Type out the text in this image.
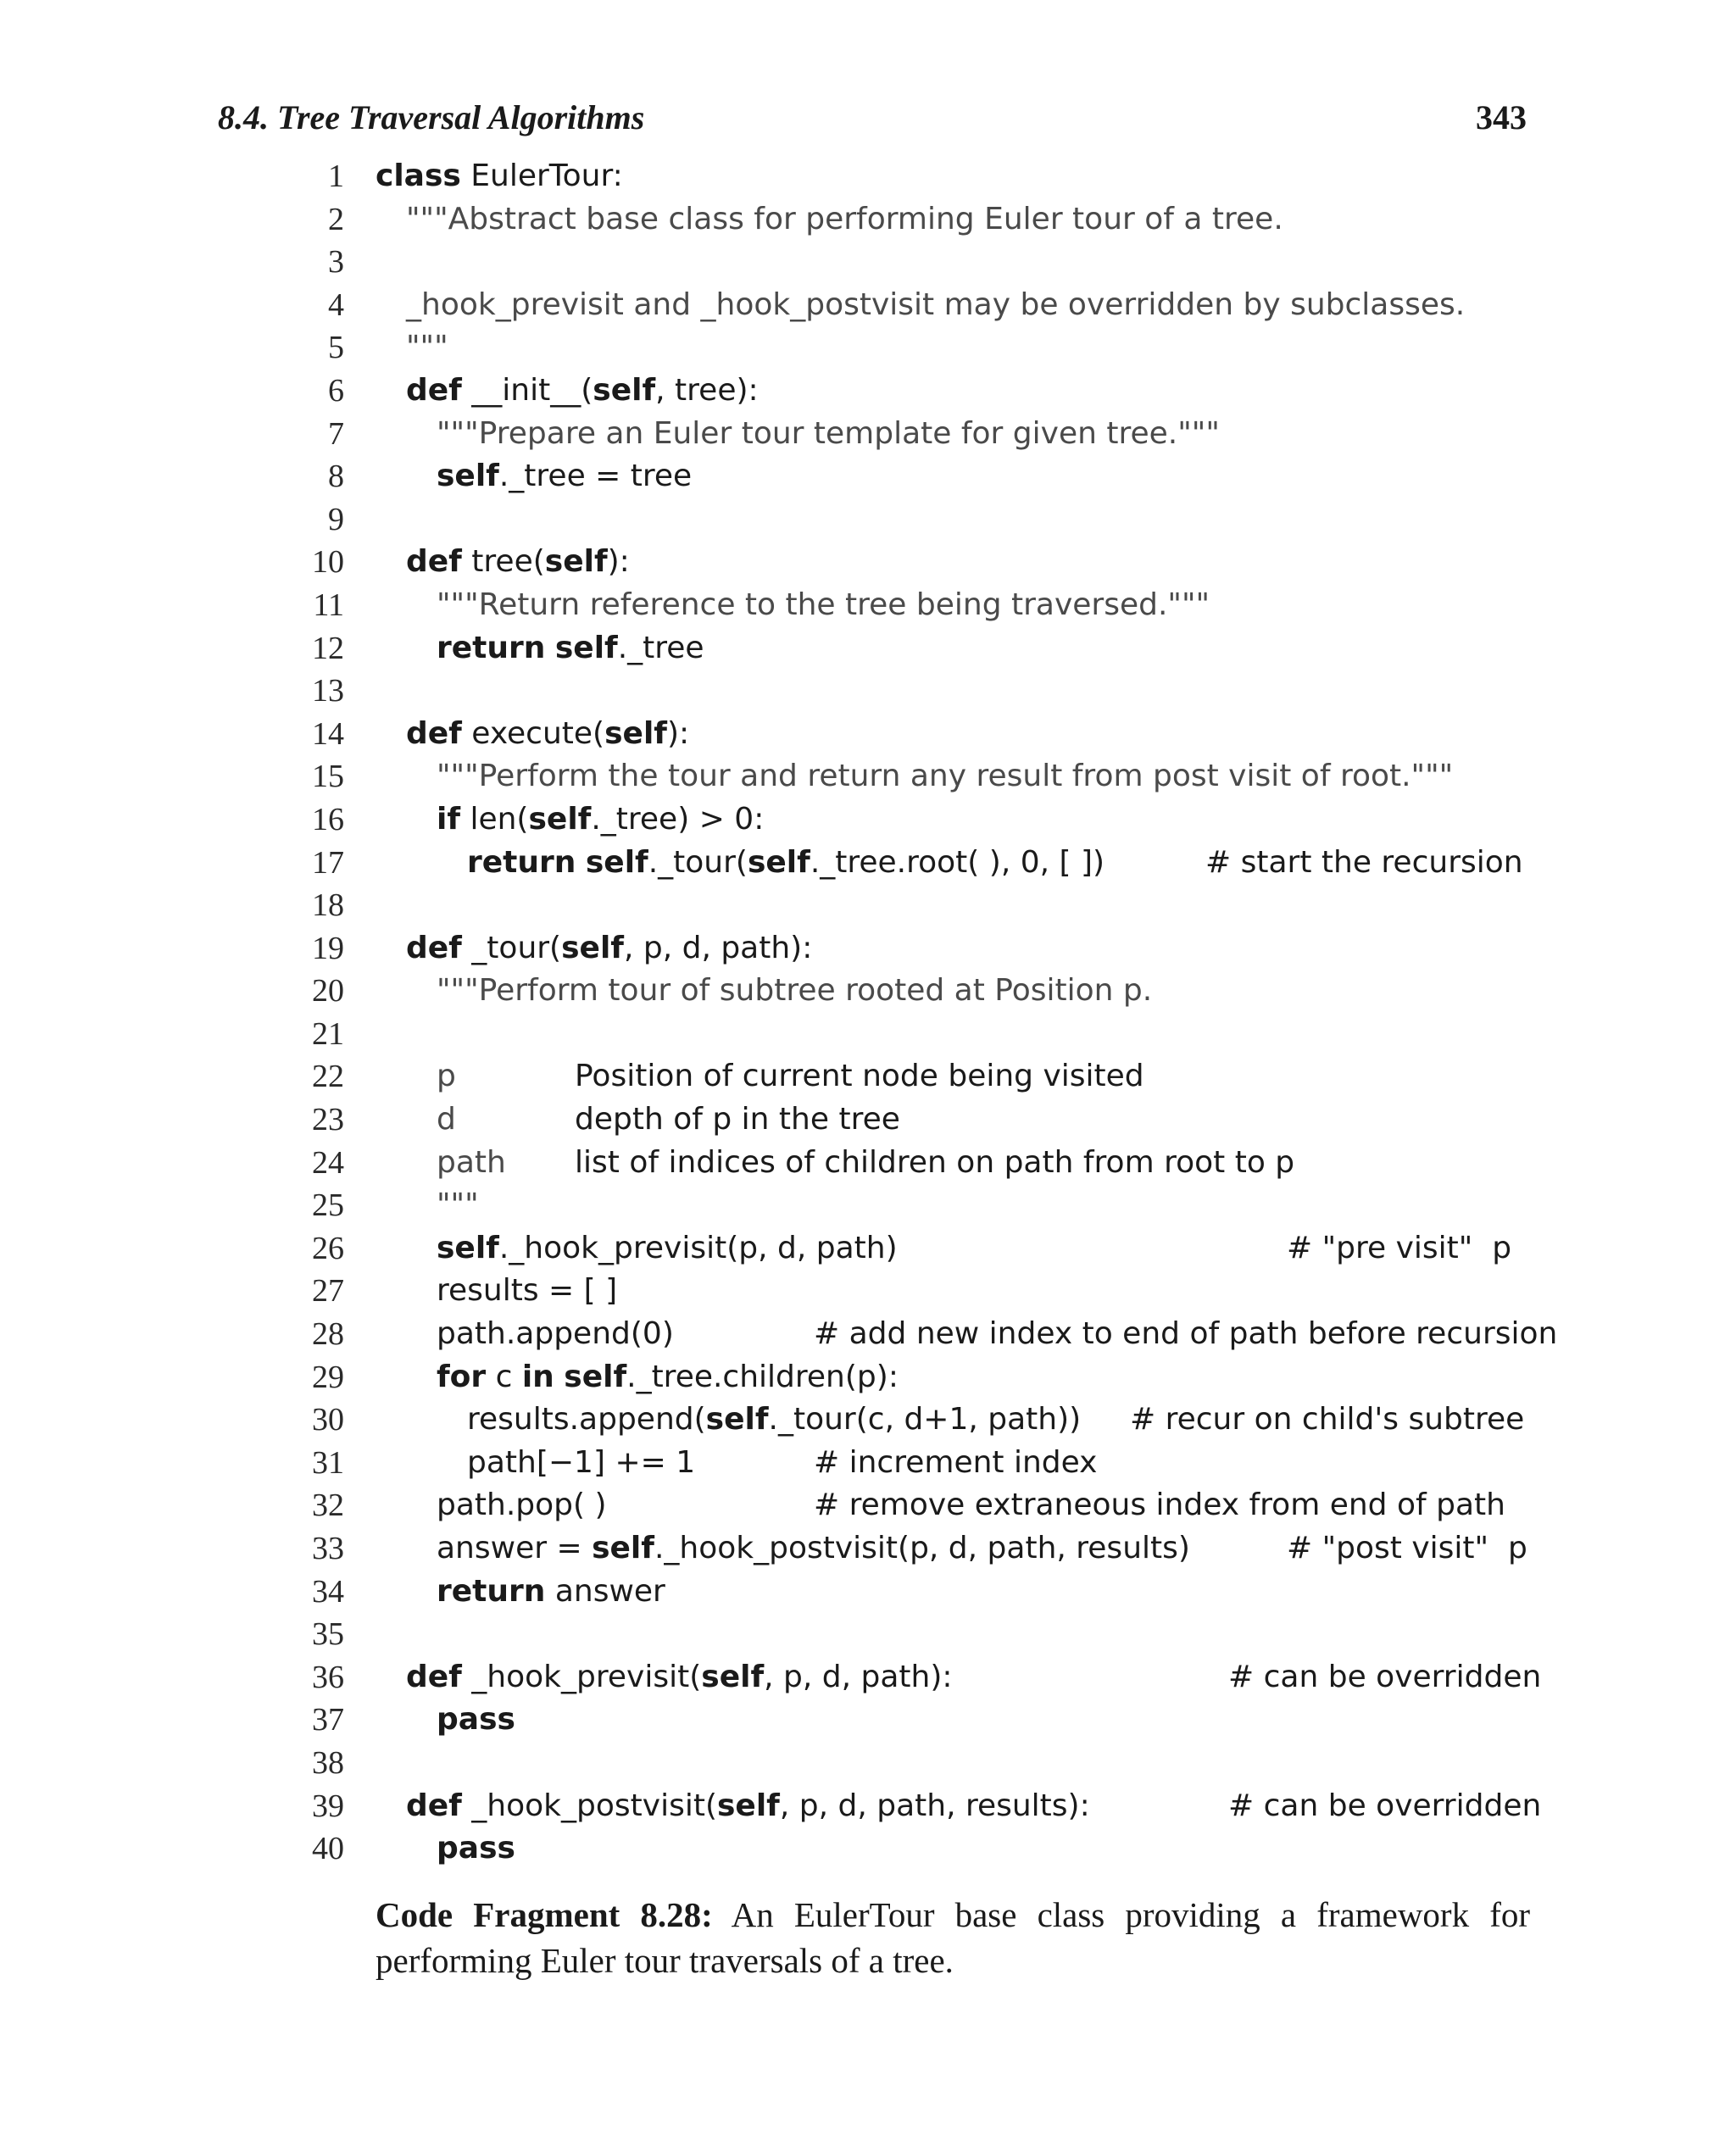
8.4. Tree Traversal Algorithms	343
1 class EulerTour:
2 """Abstract base class for performing Euler tour of a tree.
3
4 _hook_previsit and _hook_postvisit may be overridden by subclasses.
5 """
6 def __init__(self, tree):
7	"""Prepare an Euler tour template for given tree."""
8	self._tree = tree
9
10 def tree(self):
11	"""Return reference to the tree being traversed."""
12	return self._tree
13
14 def execute(self):
15	"""Perform the tour and return any result from post visit of root."""
16	if len(self._tree) > 0:
17	return self._tour(self._tree.root( ), 0, [ ])	# start the recursion
18
19 def _tour(self, p, d, path):
20	"""Perform tour of subtree rooted at Position p.
21
22	p	Position of current node being visited
23	d	depth of p in the tree
24	path list of indices of children on path from root to p
25	"""
26	self._hook_previsit(p, d, path)	# "pre visit"  p
27	results = [ ]
28	path.append(0)	# add new index to end of path before recursion
29	for c in self._tree.children(p):
30	results.append(self._tour(c, d+1, path)) # recur on child's subtree
31	path[−1] += 1	# increment index
32	path.pop( )	# remove extraneous index from end of path
33	answer = self._hook_postvisit(p, d, path, results)	# "post visit"  p
34	return answer
35
36 def _hook_previsit(self, p, d, path):	# can be overridden
37	pass
38
39 def _hook_postvisit(self, p, d, path, results):	# can be overridden
40	pass
Code Fragment 8.28: An EulerTour base class providing a framework for performing Euler tour traversals of a tree.
